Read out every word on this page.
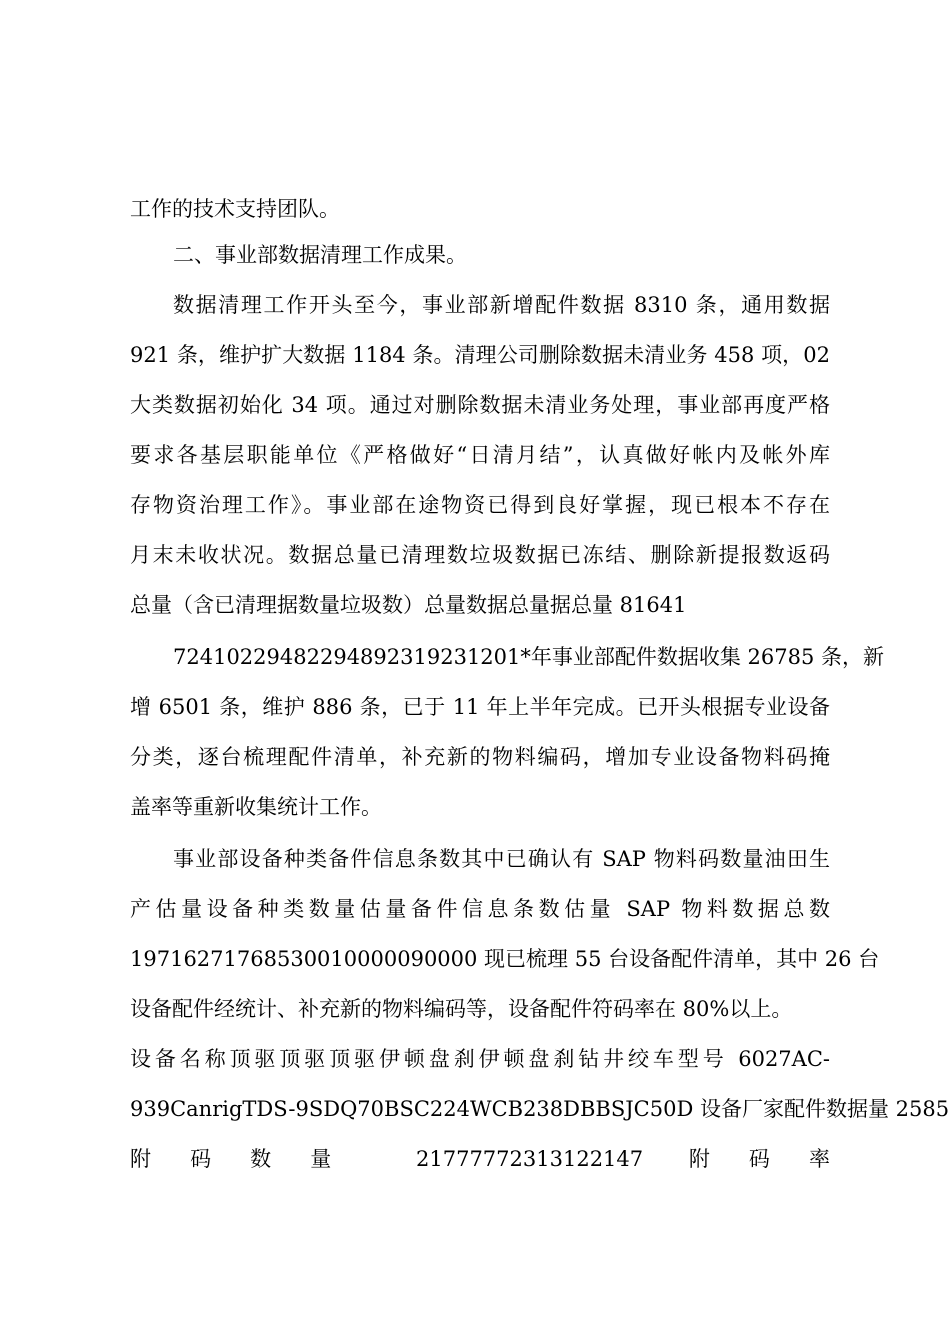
工作的技术支持团队。
二、事业部数据清理工作成果。
数据清理工作开头至今，事业部新增配件数据 8310 条，通用数据
921 条，维护扩大数据 1184 条。清理公司删除数据未清业务 458 项，02
大类数据初始化 34 项。通过对删除数据未清业务处理，事业部再度严格
要求各基层职能单位《严格做好“日清月结”，认真做好帐内及帐外库
存物资治理工作》。事业部在途物资已得到良好掌握，现已根本不存在
月末未收状况。数据总量已清理数垃圾数据已冻结、删除新提报数返码
总量（含已清理据数量垃圾数）总量数据总量据总量 81641
7241022948229489231923​1201*年事业部配件数据收集 26785 条，新
增 6501 条，维护 886 条，已于 11 年上半年完成。已开头根据专业设备
分类，逐台梳理配件清单，补充新的物料编码，增加专业设备物料码掩
盖率等重新收集统计工作。
事业部设备种类备件信息条数其中已确认有 SAP 物料码数量油田生
产估量设备种类数量估量备件信息条数估量 SAP 物料数据总数
19716271768530010000090000 现已梳理 55 台设备配件清单，其中 26 台
设备配件经统计、补充新的物料编码等，设备配件符码率在 80%以上。
设备名称顶驱顶驱顶驱伊顿盘刹伊顿盘刹钻井绞车型号 6027AC-
939CanrigTDS-9SDQ70BSC224WCB238DBBSJC50D 设备厂家配件数据量 2585
附码数量 21777772313122147 附码率
